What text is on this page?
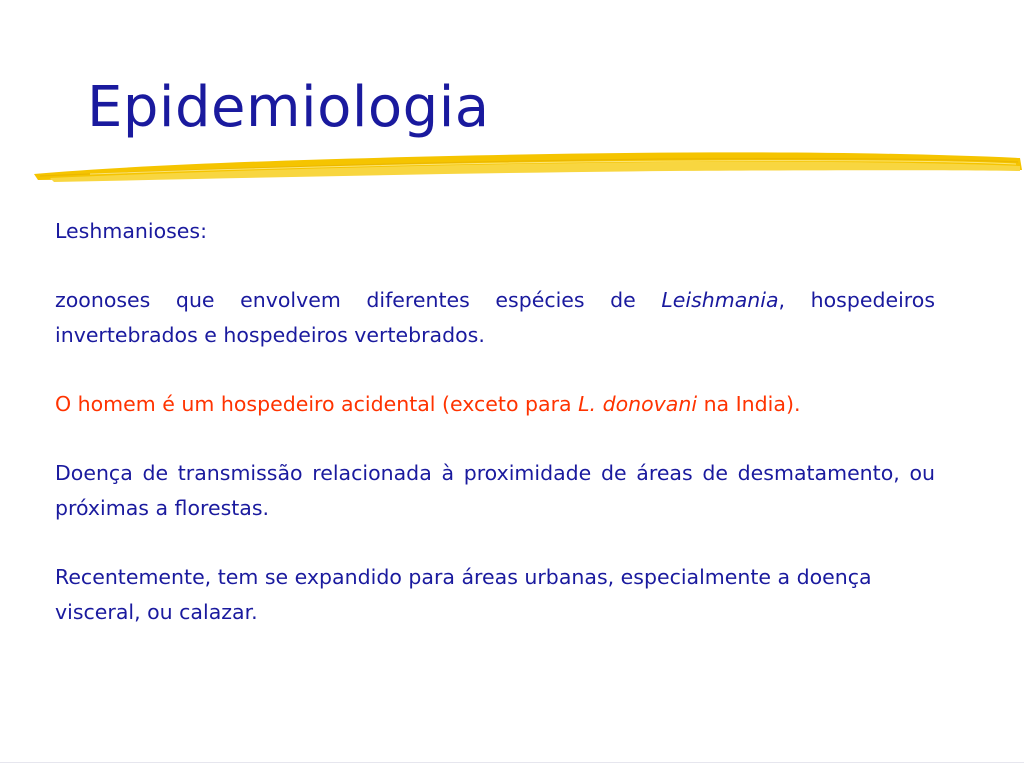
Epidemiologia

Leshmanioses:

zoonoses que envolvem diferentes espécies de Leishmania, hospedeiros invertebrados e hospedeiros vertebrados.

O homem é um hospedeiro acidental (exceto para L. donovani na India).

Doença de transmissão relacionada à proximidade de áreas de desmatamento, ou próximas a florestas.

Recentemente, tem se expandido para áreas urbanas, especialmente a doença visceral, ou calazar.
